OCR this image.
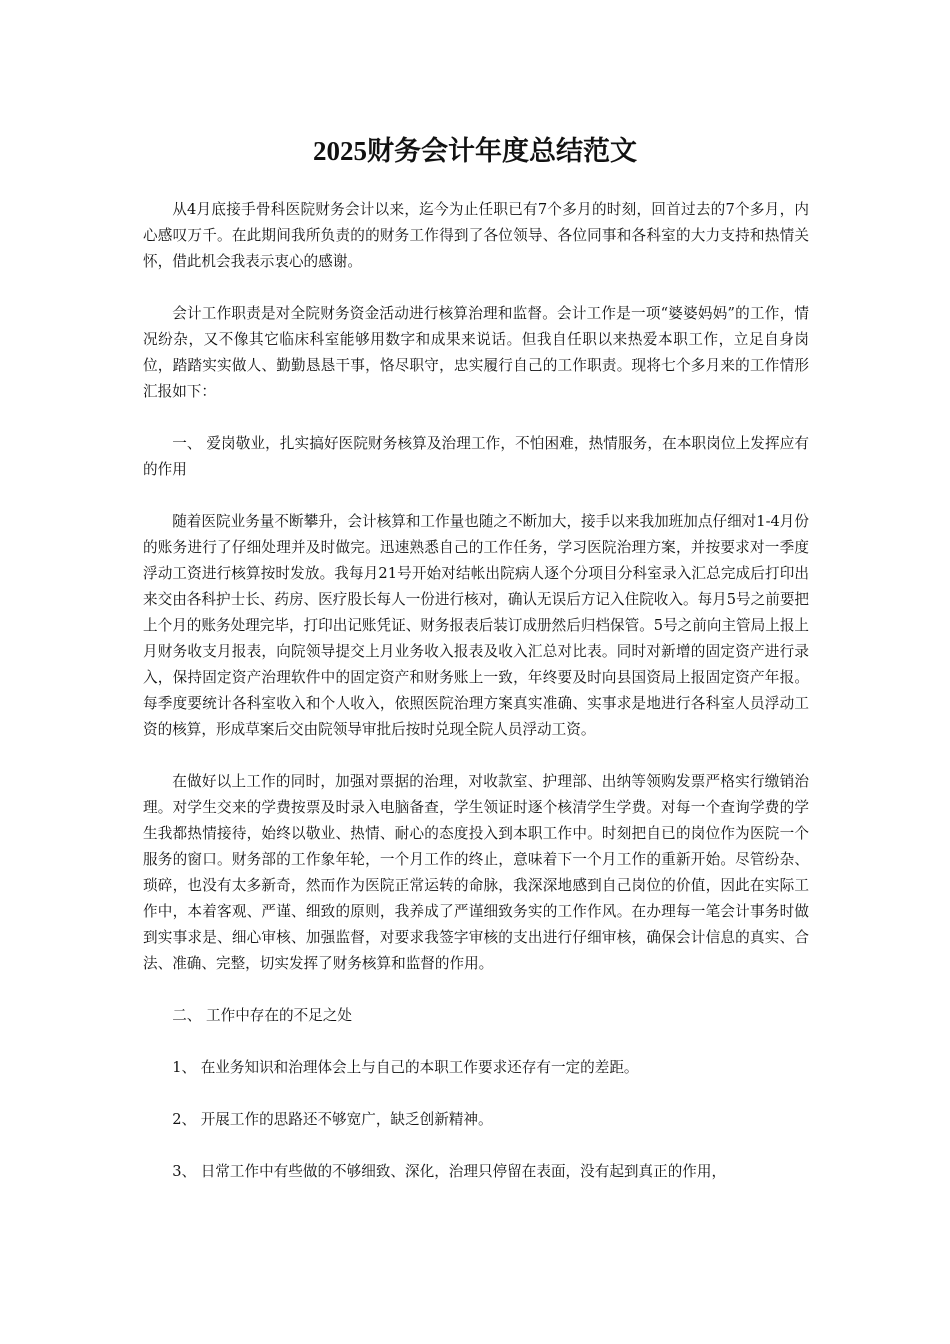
2025财务会计年度总结范文

从4月底接手骨科医院财务会计以来，迄今为止任职已有7个多月的时刻，回首过去的7个多月，内心感叹万千。在此期间我所负责的的财务工作得到了各位领导、各位同事和各科室的大力支持和热情关怀，借此机会我表示衷心的感谢。

会计工作职责是对全院财务资金活动进行核算治理和监督。会计工作是一项“婆婆妈妈”的工作，情况纷杂，又不像其它临床科室能够用数字和成果来说话。但我自任职以来热爱本职工作，立足自身岗位，踏踏实实做人、勤勤恳恳干事，恪尽职守，忠实履行自己的工作职责。现将七个多月来的工作情形汇报如下：

一、 爱岗敬业，扎实搞好医院财务核算及治理工作，不怕困难，热情服务，在本职岗位上发挥应有的作用

随着医院业务量不断攀升，会计核算和工作量也随之不断加大，接手以来我加班加点仔细对1-4月份的账务进行了仔细处理并及时做完。迅速熟悉自己的工作任务，学习医院治理方案，并按要求对一季度浮动工资进行核算按时发放。我每月21号开始对结帐出院病人逐个分项目分科室录入汇总完成后打印出来交由各科护士长、药房、医疗股长每人一份进行核对，确认无误后方记入住院收入。每月5号之前要把上个月的账务处理完毕，打印出记账凭证、财务报表后装订成册然后归档保管。5号之前向主管局上报上月财务收支月报表，向院领导提交上月业务收入报表及收入汇总对比表。同时对新增的固定资产进行录入，保持固定资产治理软件中的固定资产和财务账上一致，年终要及时向县国资局上报固定资产年报。每季度要统计各科室收入和个人收入，依照医院治理方案真实准确、实事求是地进行各科室人员浮动工资的核算，形成草案后交由院领导审批后按时兑现全院人员浮动工资。

在做好以上工作的同时，加强对票据的治理，对收款室、护理部、出纳等领购发票严格实行缴销治理。对学生交来的学费按票及时录入电脑备查，学生领证时逐个核清学生学费。对每一个查询学费的学生我都热情接待，始终以敬业、热情、耐心的态度投入到本职工作中。时刻把自已的岗位作为医院一个服务的窗口。财务部的工作象年轮，一个月工作的终止，意味着下一个月工作的重新开始。尽管纷杂、琐碎，也没有太多新奇，然而作为医院正常运转的命脉，我深深地感到自己岗位的价值，因此在实际工作中，本着客观、严谨、细致的原则，我养成了严谨细致务实的工作作风。在办理每一笔会计事务时做到实事求是、细心审核、加强监督，对要求我签字审核的支出进行仔细审核，确保会计信息的真实、合法、准确、完整，切实发挥了财务核算和监督的作用。

二、 工作中存在的不足之处

1、 在业务知识和治理体会上与自己的本职工作要求还存有一定的差距。

2、 开展工作的思路还不够宽广，缺乏创新精神。

3、 日常工作中有些做的不够细致、深化，治理只停留在表面，没有起到真正的作用，
